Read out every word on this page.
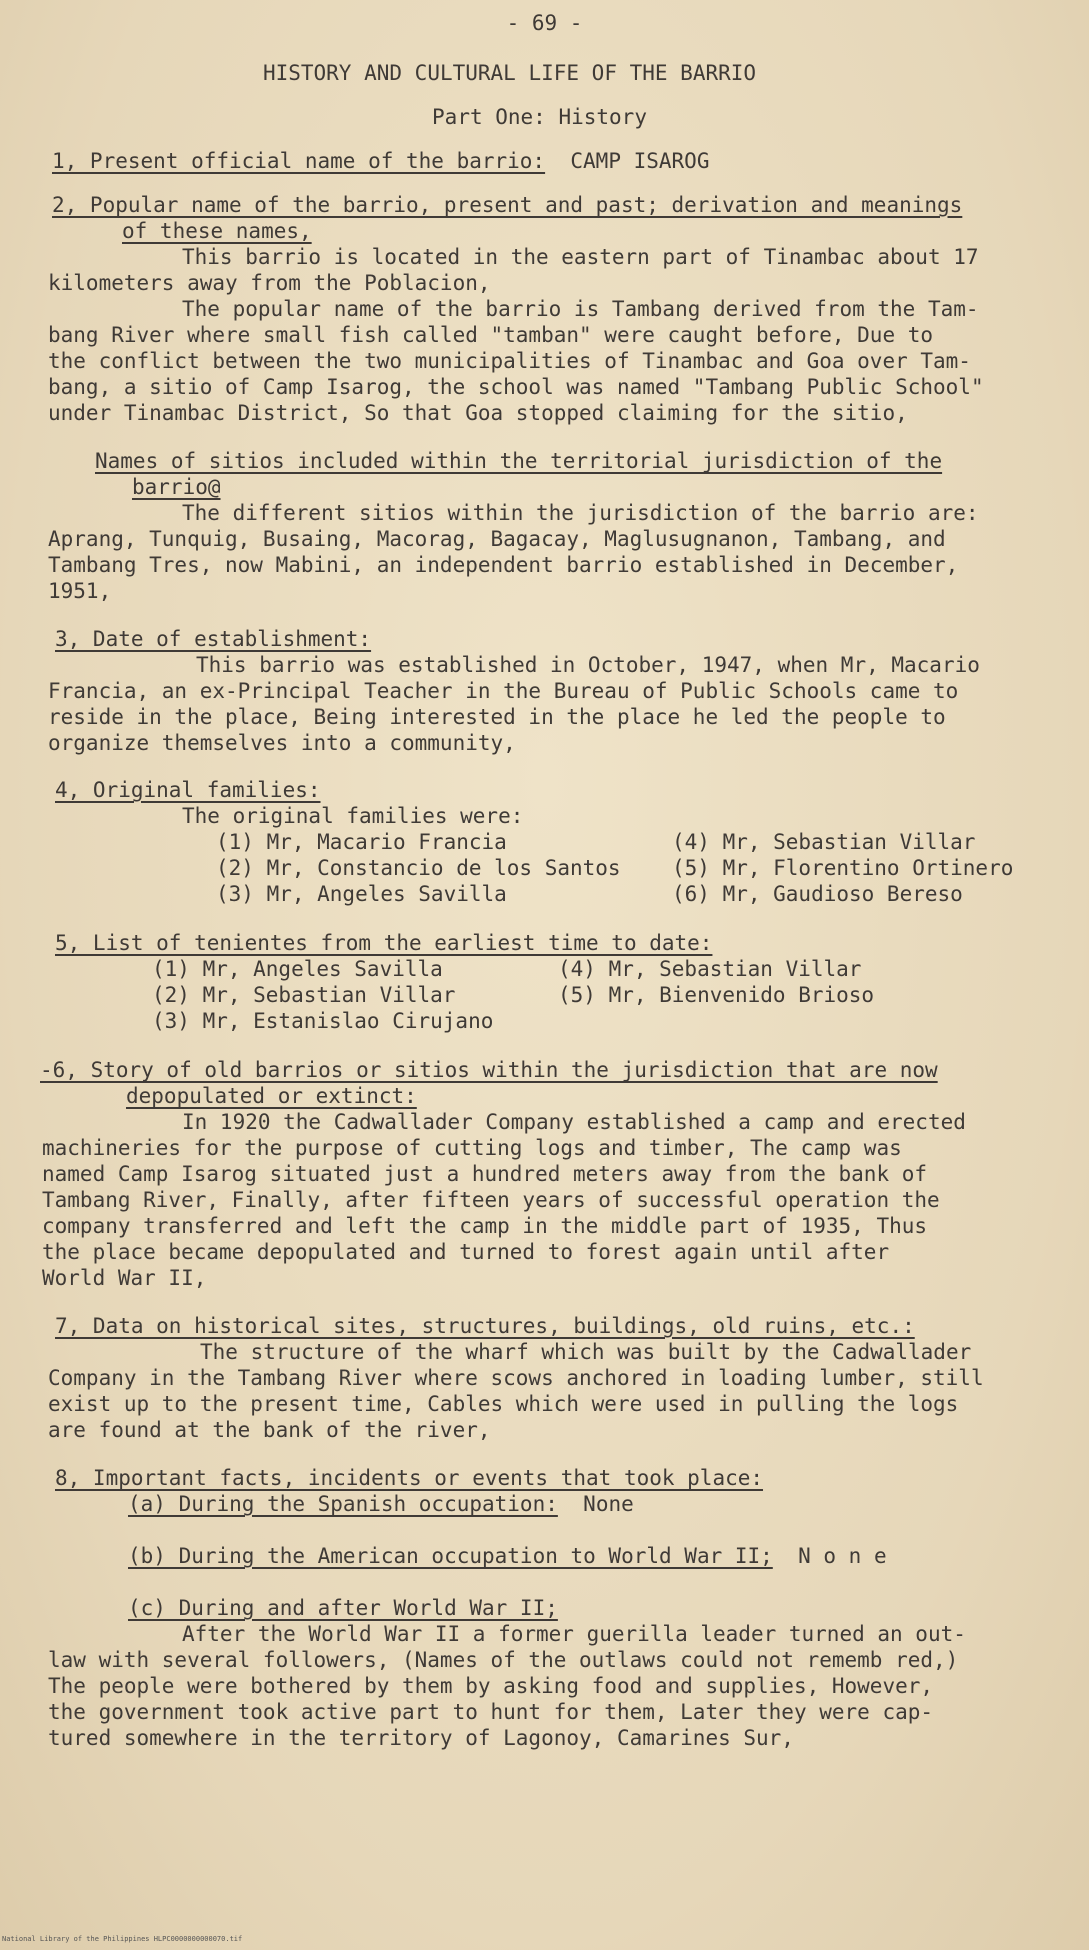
- 69 -
HISTORY AND CULTURAL LIFE OF THE BARRIO
Part One: History
1, Present official name of the barrio: CAMP ISAROG
2, Popular name of the barrio, present and past; derivation and meanings
of these names,
This barrio is located in the eastern part of Tinambac about 17
kilometers away from the Poblacion,
The popular name of the barrio is Tambang derived from the Tam-
bang River where small fish called "tamban" were caught before, Due to
the conflict between the two municipalities of Tinambac and Goa over Tam-
bang, a sitio of Camp Isarog, the school was named "Tambang Public School"
under Tinambac District, So that Goa stopped claiming for the sitio,
Names of sitios included within the territorial jurisdiction of the
barrio@
The different sitios within the jurisdiction of the barrio are:
Aprang, Tunquig, Busaing, Macorag, Bagacay, Maglusugnanon, Tambang, and
Tambang Tres, now Mabini, an independent barrio established in December,
1951,
3, Date of establishment:
This barrio was established in October, 1947, when Mr, Macario
Francia, an ex-Principal Teacher in the Bureau of Public Schools came to
reside in the place, Being interested in the place he led the people to
organize themselves into a community,
4, Original families:
The original families were:
(1) Mr, Macario Francia
(2) Mr, Constancio de los Santos
(3) Mr, Angeles Savilla
(4) Mr, Sebastian Villar
(5) Mr, Florentino Ortinero
(6) Mr, Gaudioso Bereso
5, List of tenientes from the earliest time to date:
(1) Mr, Angeles Savilla
(2) Mr, Sebastian Villar
(3) Mr, Estanislao Cirujano
(4) Mr, Sebastian Villar
(5) Mr, Bienvenido Brioso
-6, Story of old barrios or sitios within the jurisdiction that are now
depopulated or extinct:
In 1920 the Cadwallader Company established a camp and erected
machineries for the purpose of cutting logs and timber, The camp was
named Camp Isarog situated just a hundred meters away from the bank of
Tambang River, Finally, after fifteen years of successful operation the
company transferred and left the camp in the middle part of 1935, Thus
the place became depopulated and turned to forest again until after
World War II,
7, Data on historical sites, structures, buildings, old ruins, etc.:
The structure of the wharf which was built by the Cadwallader
Company in the Tambang River where scows anchored in loading lumber, still
exist up to the present time, Cables which were used in pulling the logs
are found at the bank of the river,
8, Important facts, incidents or events that took place:
(a) During the Spanish occupation: None
(b) During the American occupation to World War II; N o n e
(c) During and after World War II;
After the World War II a former guerilla leader turned an out-
law with several followers, (Names of the outlaws could not rememb red,)
The people were bothered by them by asking food and supplies, However,
the government took active part to hunt for them, Later they were cap-
tured somewhere in the territory of Lagonoy, Camarines Sur,
National Library of the Philippines HLPC0000000000070.tif
